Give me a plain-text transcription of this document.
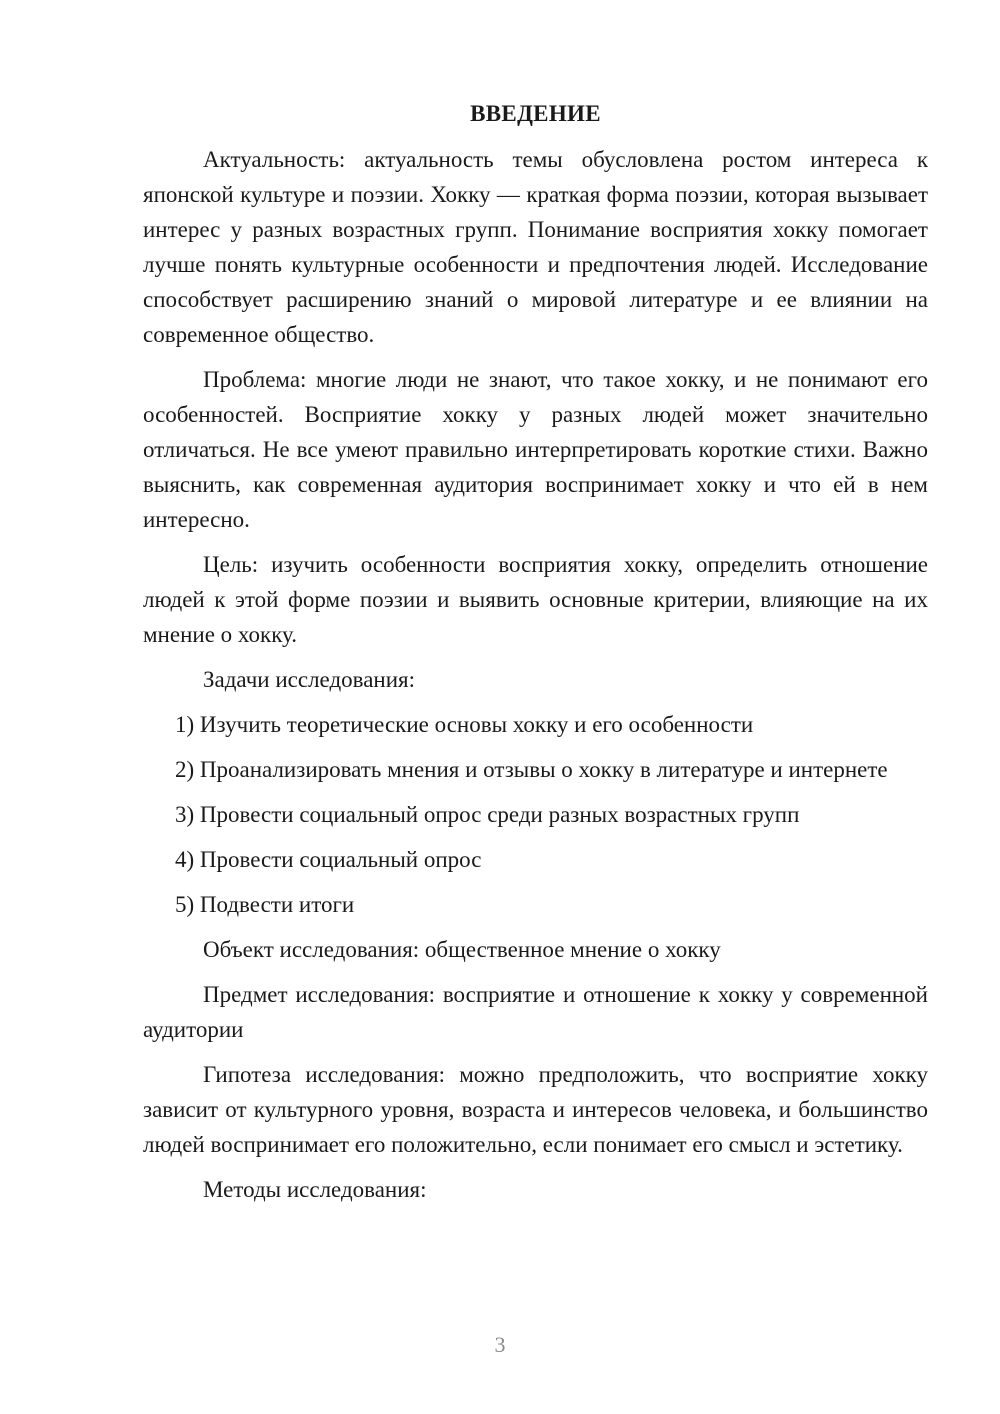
ВВЕДЕНИЕ

Актуальность: актуальность темы обусловлена ростом интереса к японской культуре и поэзии. Хокку — краткая форма поэзии, которая вызывает интерес у разных возрастных групп. Понимание восприятия хокку помогает лучше понять культурные особенности и предпочтения людей. Исследование способствует расширению знаний о мировой литературе и ее влиянии на современное общество.

Проблема: многие люди не знают, что такое хокку, и не понимают его особенностей. Восприятие хокку у разных людей может значительно отличаться. Не все умеют правильно интерпретировать короткие стихи. Важно выяснить, как современная аудитория воспринимает хокку и что ей в нем интересно.

Цель: изучить особенности восприятия хокку, определить отношение людей к этой форме поэзии и выявить основные критерии, влияющие на их мнение о хокку.

Задачи исследования:

1) Изучить теоретические основы хокку и его особенности

2) Проанализировать мнения и отзывы о хокку в литературе и интернете

3) Провести социальный опрос среди разных возрастных групп

4) Провести социальный опрос

5) Подвести итоги

Объект исследования: общественное мнение о хокку

Предмет исследования: восприятие и отношение к хокку у современной аудитории

Гипотеза исследования: можно предположить, что восприятие хокку зависит от культурного уровня, возраста и интересов человека, и большинство людей воспринимает его положительно, если понимает его смысл и эстетику.

Методы исследования:

3
